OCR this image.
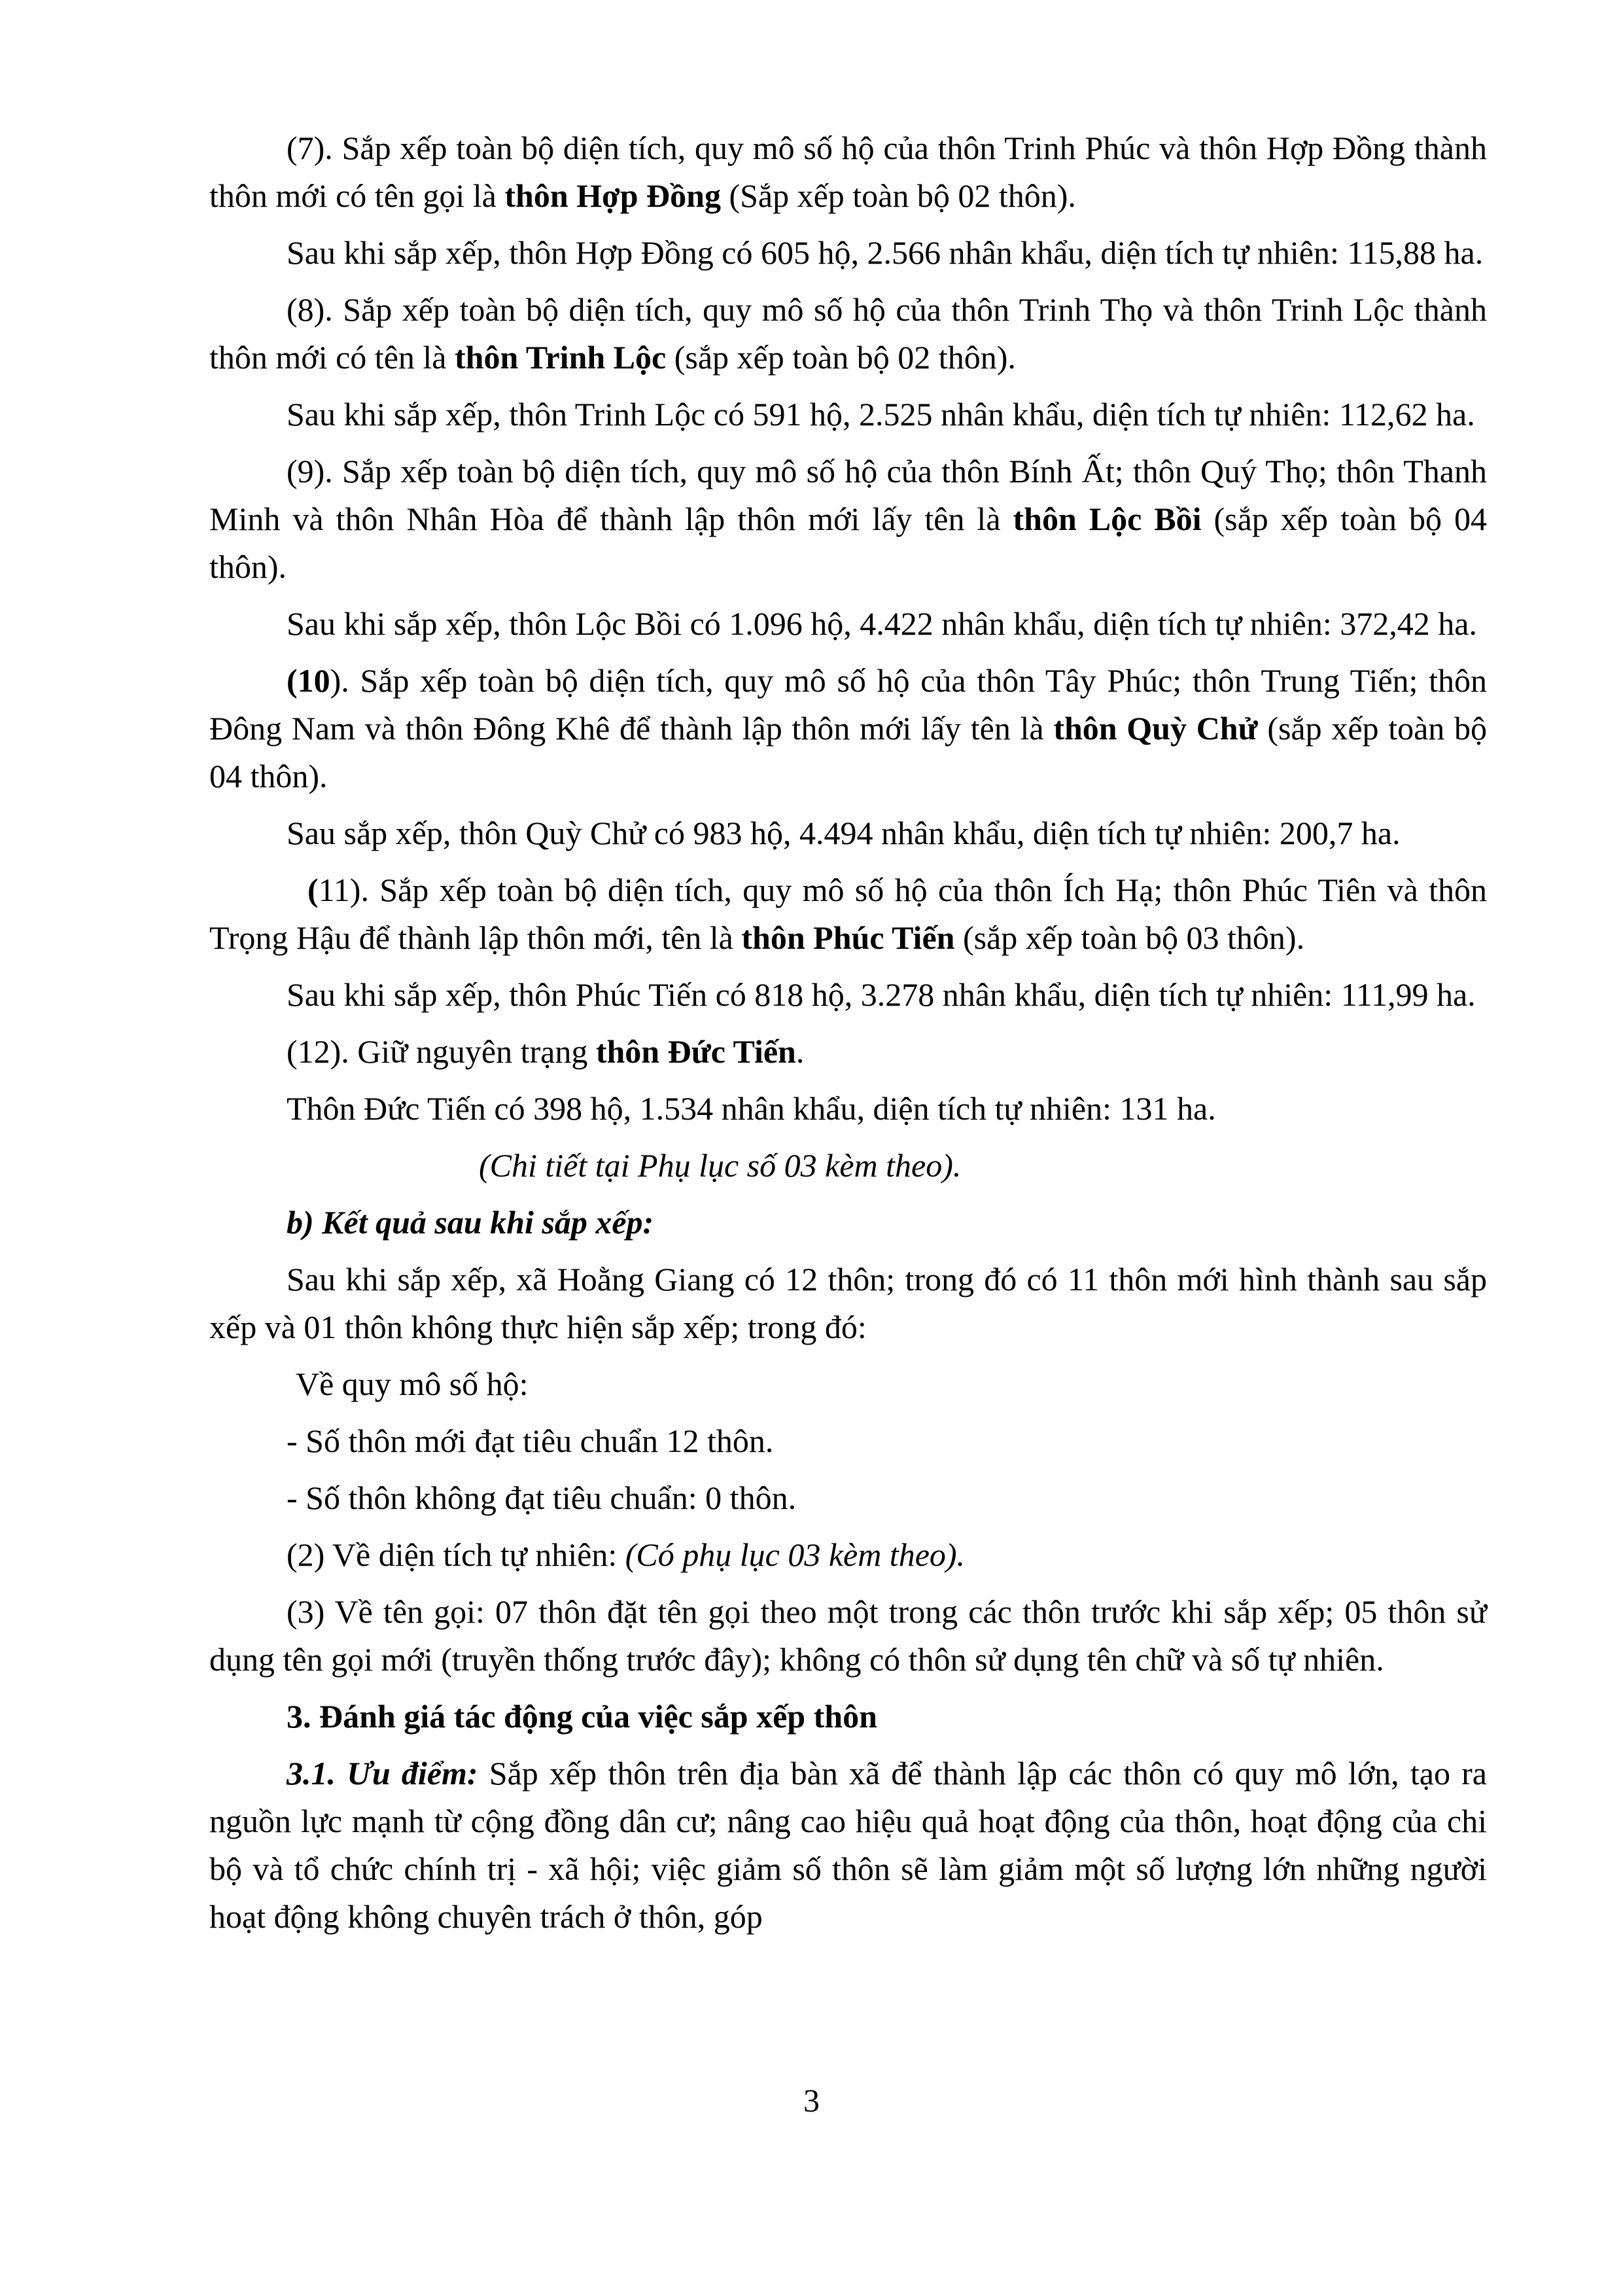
(7). Sắp xếp toàn bộ diện tích, quy mô số hộ của thôn Trinh Phúc và thôn Hợp Đồng thành thôn mới có tên gọi là thôn Hợp Đồng (Sắp xếp toàn bộ 02 thôn).

Sau khi sắp xếp, thôn Hợp Đồng có 605 hộ, 2.566 nhân khẩu, diện tích tự nhiên: 115,88 ha.

(8). Sắp xếp toàn bộ diện tích, quy mô số hộ của thôn Trinh Thọ và thôn Trinh Lộc thành thôn mới có tên là thôn Trinh Lộc (sắp xếp toàn bộ 02 thôn).

Sau khi sắp xếp, thôn Trinh Lộc có 591 hộ, 2.525 nhân khẩu, diện tích tự nhiên: 112,62 ha.

(9). Sắp xếp toàn bộ diện tích, quy mô số hộ của thôn Bính Ất; thôn Quý Thọ; thôn Thanh Minh và thôn Nhân Hòa để thành lập thôn mới lấy tên là thôn Lộc Bồi (sắp xếp toàn bộ 04 thôn).

Sau khi sắp xếp, thôn Lộc Bồi có 1.096 hộ, 4.422 nhân khẩu, diện tích tự nhiên: 372,42 ha.

(10). Sắp xếp toàn bộ diện tích, quy mô số hộ của thôn Tây Phúc; thôn Trung Tiến; thôn Đông Nam và thôn Đông Khê để thành lập thôn mới lấy tên là thôn Quỳ Chử (sắp xếp toàn bộ 04 thôn).

Sau sắp xếp, thôn Quỳ Chử có 983 hộ, 4.494 nhân khẩu, diện tích tự nhiên: 200,7 ha.

(11). Sắp xếp toàn bộ diện tích, quy mô số hộ của thôn Ích Hạ; thôn Phúc Tiên và thôn Trọng Hậu để thành lập thôn mới, tên là thôn Phúc Tiến (sắp xếp toàn bộ 03 thôn).

Sau khi sắp xếp, thôn Phúc Tiến có 818 hộ, 3.278 nhân khẩu, diện tích tự nhiên: 111,99 ha.

(12). Giữ nguyên trạng thôn Đức Tiến.

Thôn Đức Tiến có 398 hộ, 1.534 nhân khẩu, diện tích tự nhiên: 131 ha.

(Chi tiết tại Phụ lục số 03 kèm theo).

b) Kết quả sau khi sắp xếp:

Sau khi sắp xếp, xã Hoằng Giang có 12 thôn; trong đó có 11 thôn mới hình thành sau sắp xếp và 01 thôn không thực hiện sắp xếp; trong đó:

Về quy mô số hộ:

- Số thôn mới đạt tiêu chuẩn 12 thôn.

- Số thôn không đạt tiêu chuẩn: 0 thôn.

(2) Về diện tích tự nhiên: (Có phụ lục 03 kèm theo).

(3) Về tên gọi: 07 thôn đặt tên gọi theo một trong các thôn trước khi sắp xếp; 05 thôn sử dụng tên gọi mới (truyền thống trước đây); không có thôn sử dụng tên chữ và số tự nhiên.

3. Đánh giá tác động của việc sắp xếp thôn

3.1. Ưu điểm: Sắp xếp thôn trên địa bàn xã để thành lập các thôn có quy mô lớn, tạo ra nguồn lực mạnh từ cộng đồng dân cư; nâng cao hiệu quả hoạt động của thôn, hoạt động của chi bộ và tổ chức chính trị - xã hội; việc giảm số thôn sẽ làm giảm một số lượng lớn những người hoạt động không chuyên trách ở thôn, góp

3
